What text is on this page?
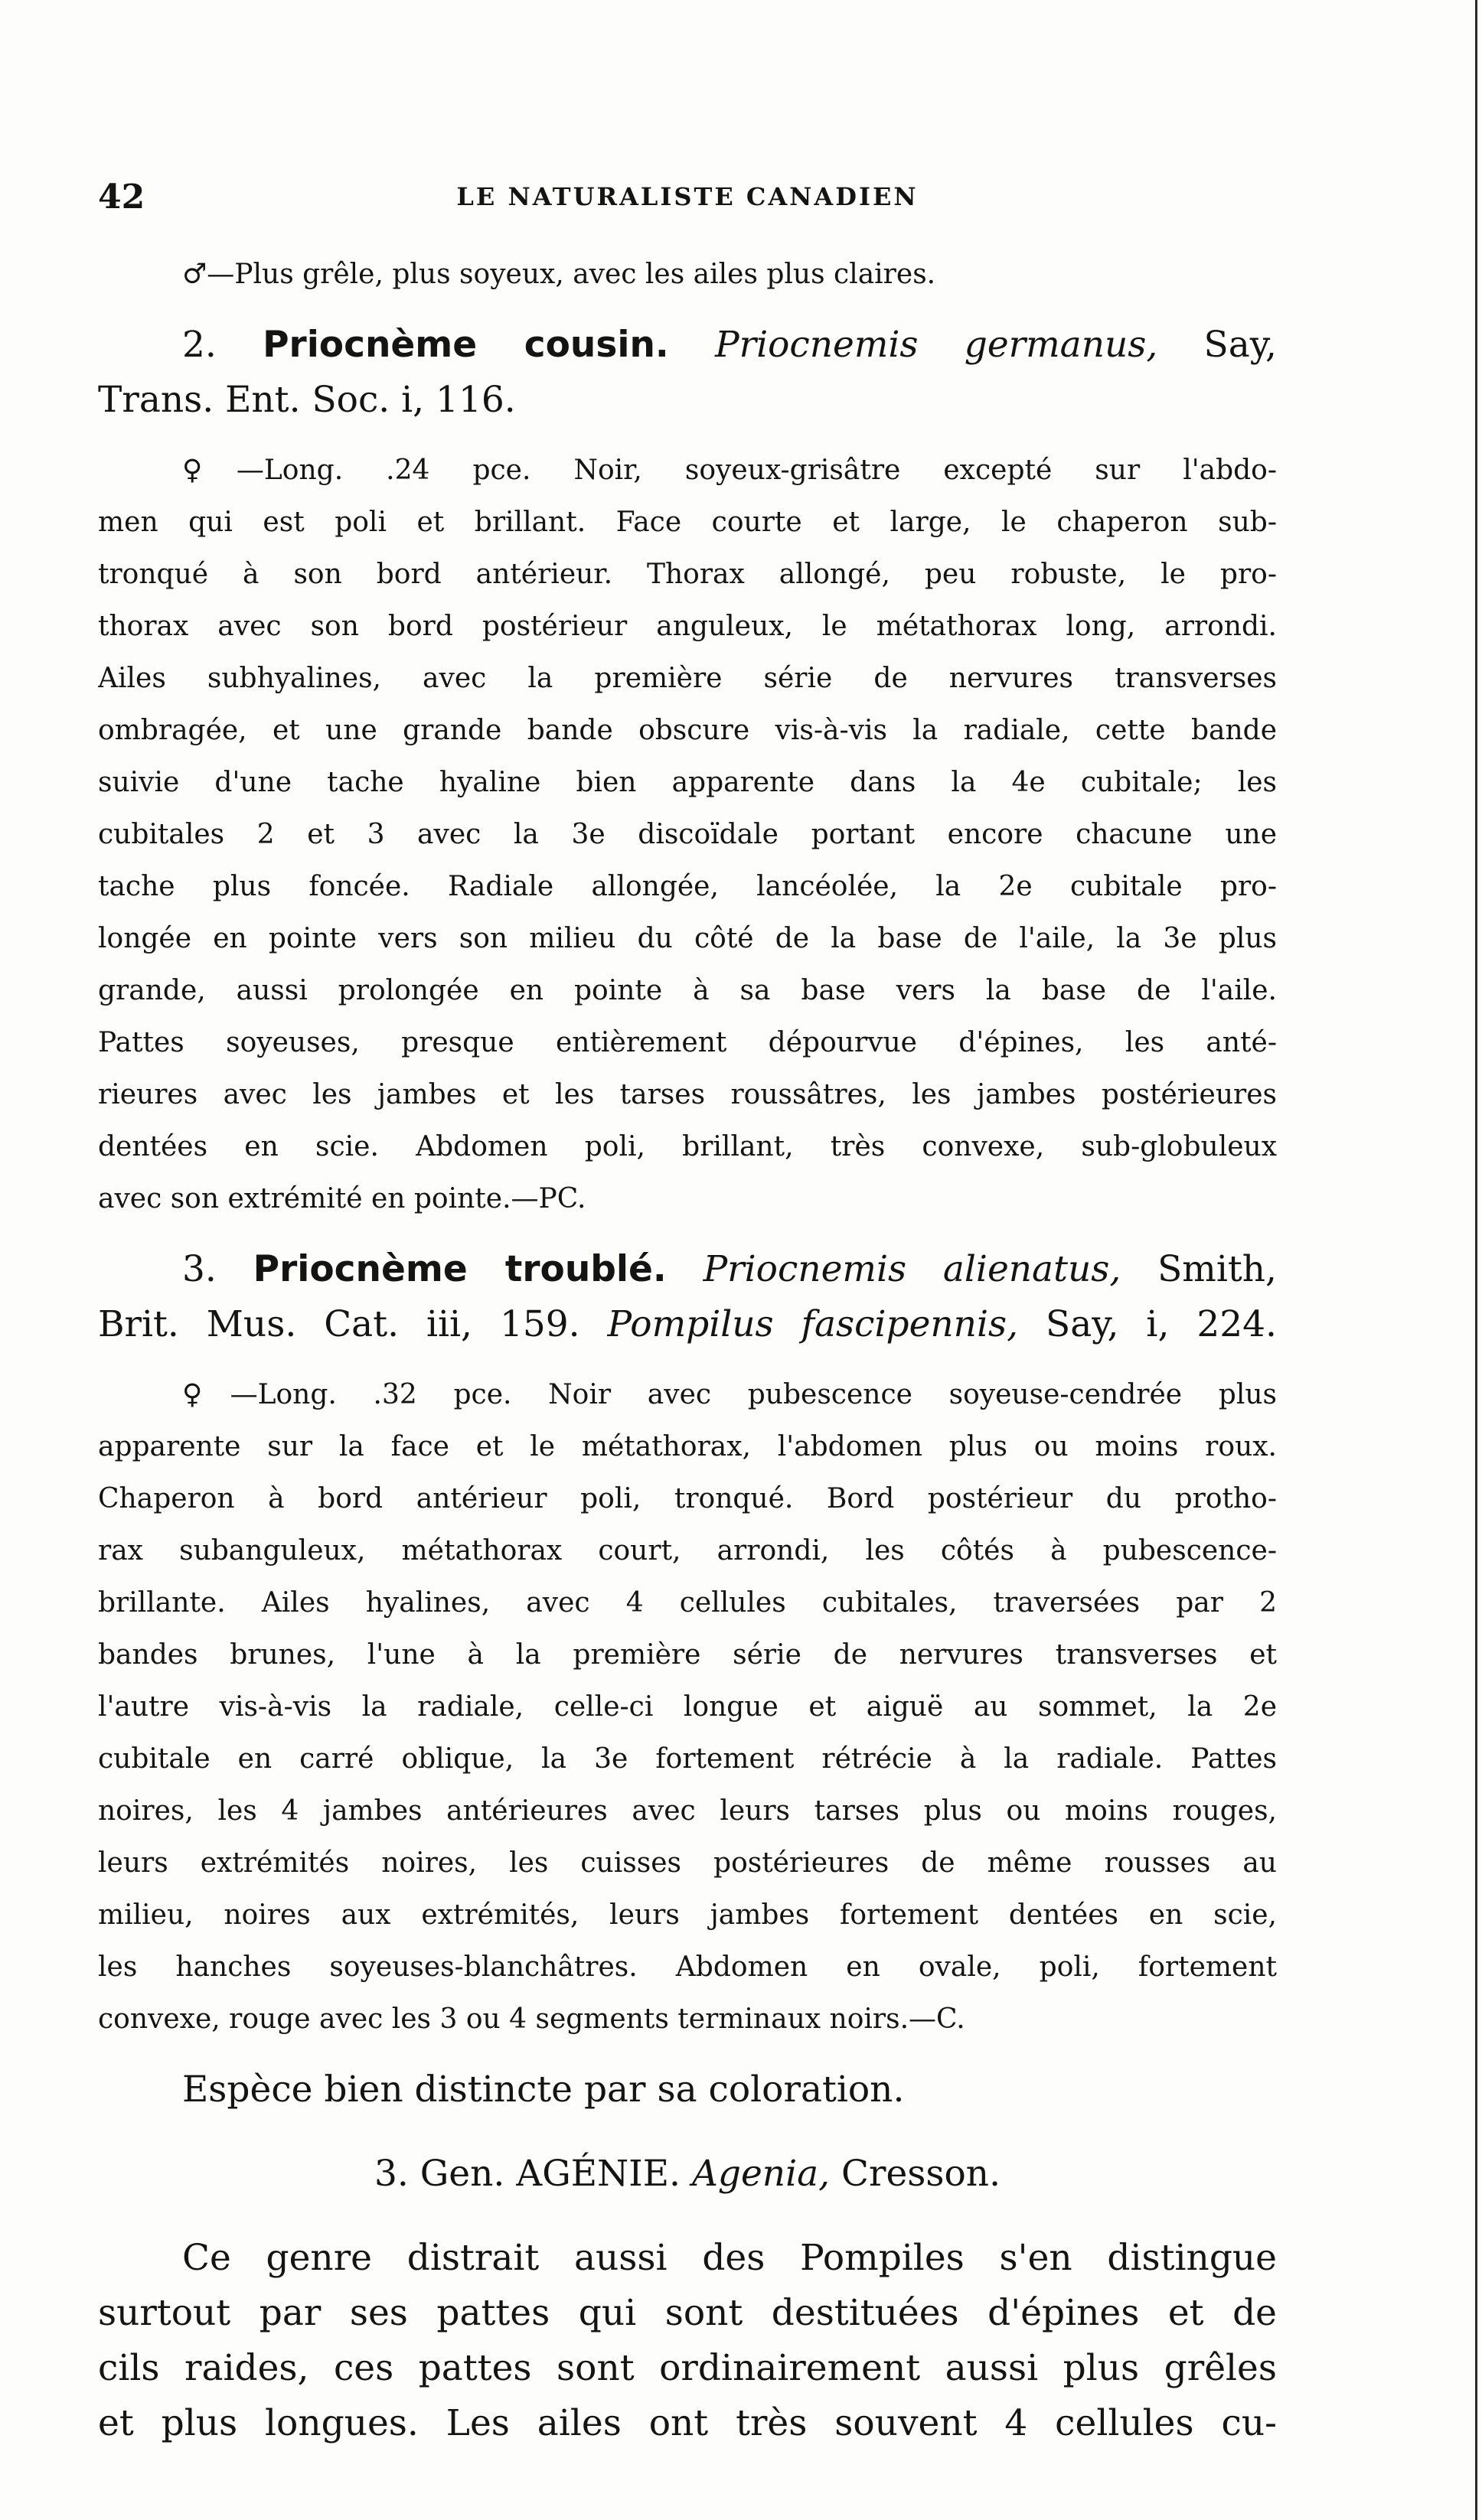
42	LE NATURALISTE CANADIEN
♂—Plus grêle, plus soyeux, avec les ailes plus claires.
2. Priocnème cousin. Priocnemis germanus, Say,
Trans. Ent. Soc. i, 116.
♀—Long. .24 pce. Noir, soyeux-grisâtre excepté sur l'abdo-
men qui est poli et brillant. Face courte et large, le chaperon sub-
tronqué à son bord antérieur. Thorax allongé, peu robuste, le pro-
thorax avec son bord postérieur anguleux, le métathorax long, arrondi.
Ailes subhyalines, avec la première série de nervures transverses
ombragée, et une grande bande obscure vis-à-vis la radiale, cette bande
suivie d'une tache hyaline bien apparente dans la 4e cubitale; les
cubitales 2 et 3 avec la 3e discoïdale portant encore chacune une
tache plus foncée. Radiale allongée, lancéolée, la 2e cubitale pro-
longée en pointe vers son milieu du côté de la base de l'aile, la 3e plus
grande, aussi prolongée en pointe à sa base vers la base de l'aile.
Pattes soyeuses, presque entièrement dépourvue d'épines, les anté-
rieures avec les jambes et les tarses roussâtres, les jambes postérieures
dentées en scie. Abdomen poli, brillant, très convexe, sub-globuleux
avec son extrémité en pointe.—PC.
3. Priocnème troublé. Priocnemis alienatus, Smith,
Brit. Mus. Cat. iii, 159. Pompilus fascipennis, Say, i, 224.
♀—Long. .32 pce. Noir avec pubescence soyeuse-cendrée plus
apparente sur la face et le métathorax, l'abdomen plus ou moins roux.
Chaperon à bord antérieur poli, tronqué. Bord postérieur du protho-
rax subanguleux, métathorax court, arrondi, les côtés à pubescence-
brillante. Ailes hyalines, avec 4 cellules cubitales, traversées par 2
bandes brunes, l'une à la première série de nervures transverses et
l'autre vis-à-vis la radiale, celle-ci longue et aiguë au sommet, la 2e
cubitale en carré oblique, la 3e fortement rétrécie à la radiale. Pattes
noires, les 4 jambes antérieures avec leurs tarses plus ou moins rouges,
leurs extrémités noires, les cuisses postérieures de même rousses au
milieu, noires aux extrémités, leurs jambes fortement dentées en scie,
les hanches soyeuses-blanchâtres. Abdomen en ovale, poli, fortement
convexe, rouge avec les 3 ou 4 segments terminaux noirs.—C.
Espèce bien distincte par sa coloration.
3. Gen. AGÉNIE. Agenia, Cresson.
Ce genre distrait aussi des Pompiles s'en distingue
surtout par ses pattes qui sont destituées d'épines et de
cils raides, ces pattes sont ordinairement aussi plus grêles
et plus longues. Les ailes ont très souvent 4 cellules cu-
